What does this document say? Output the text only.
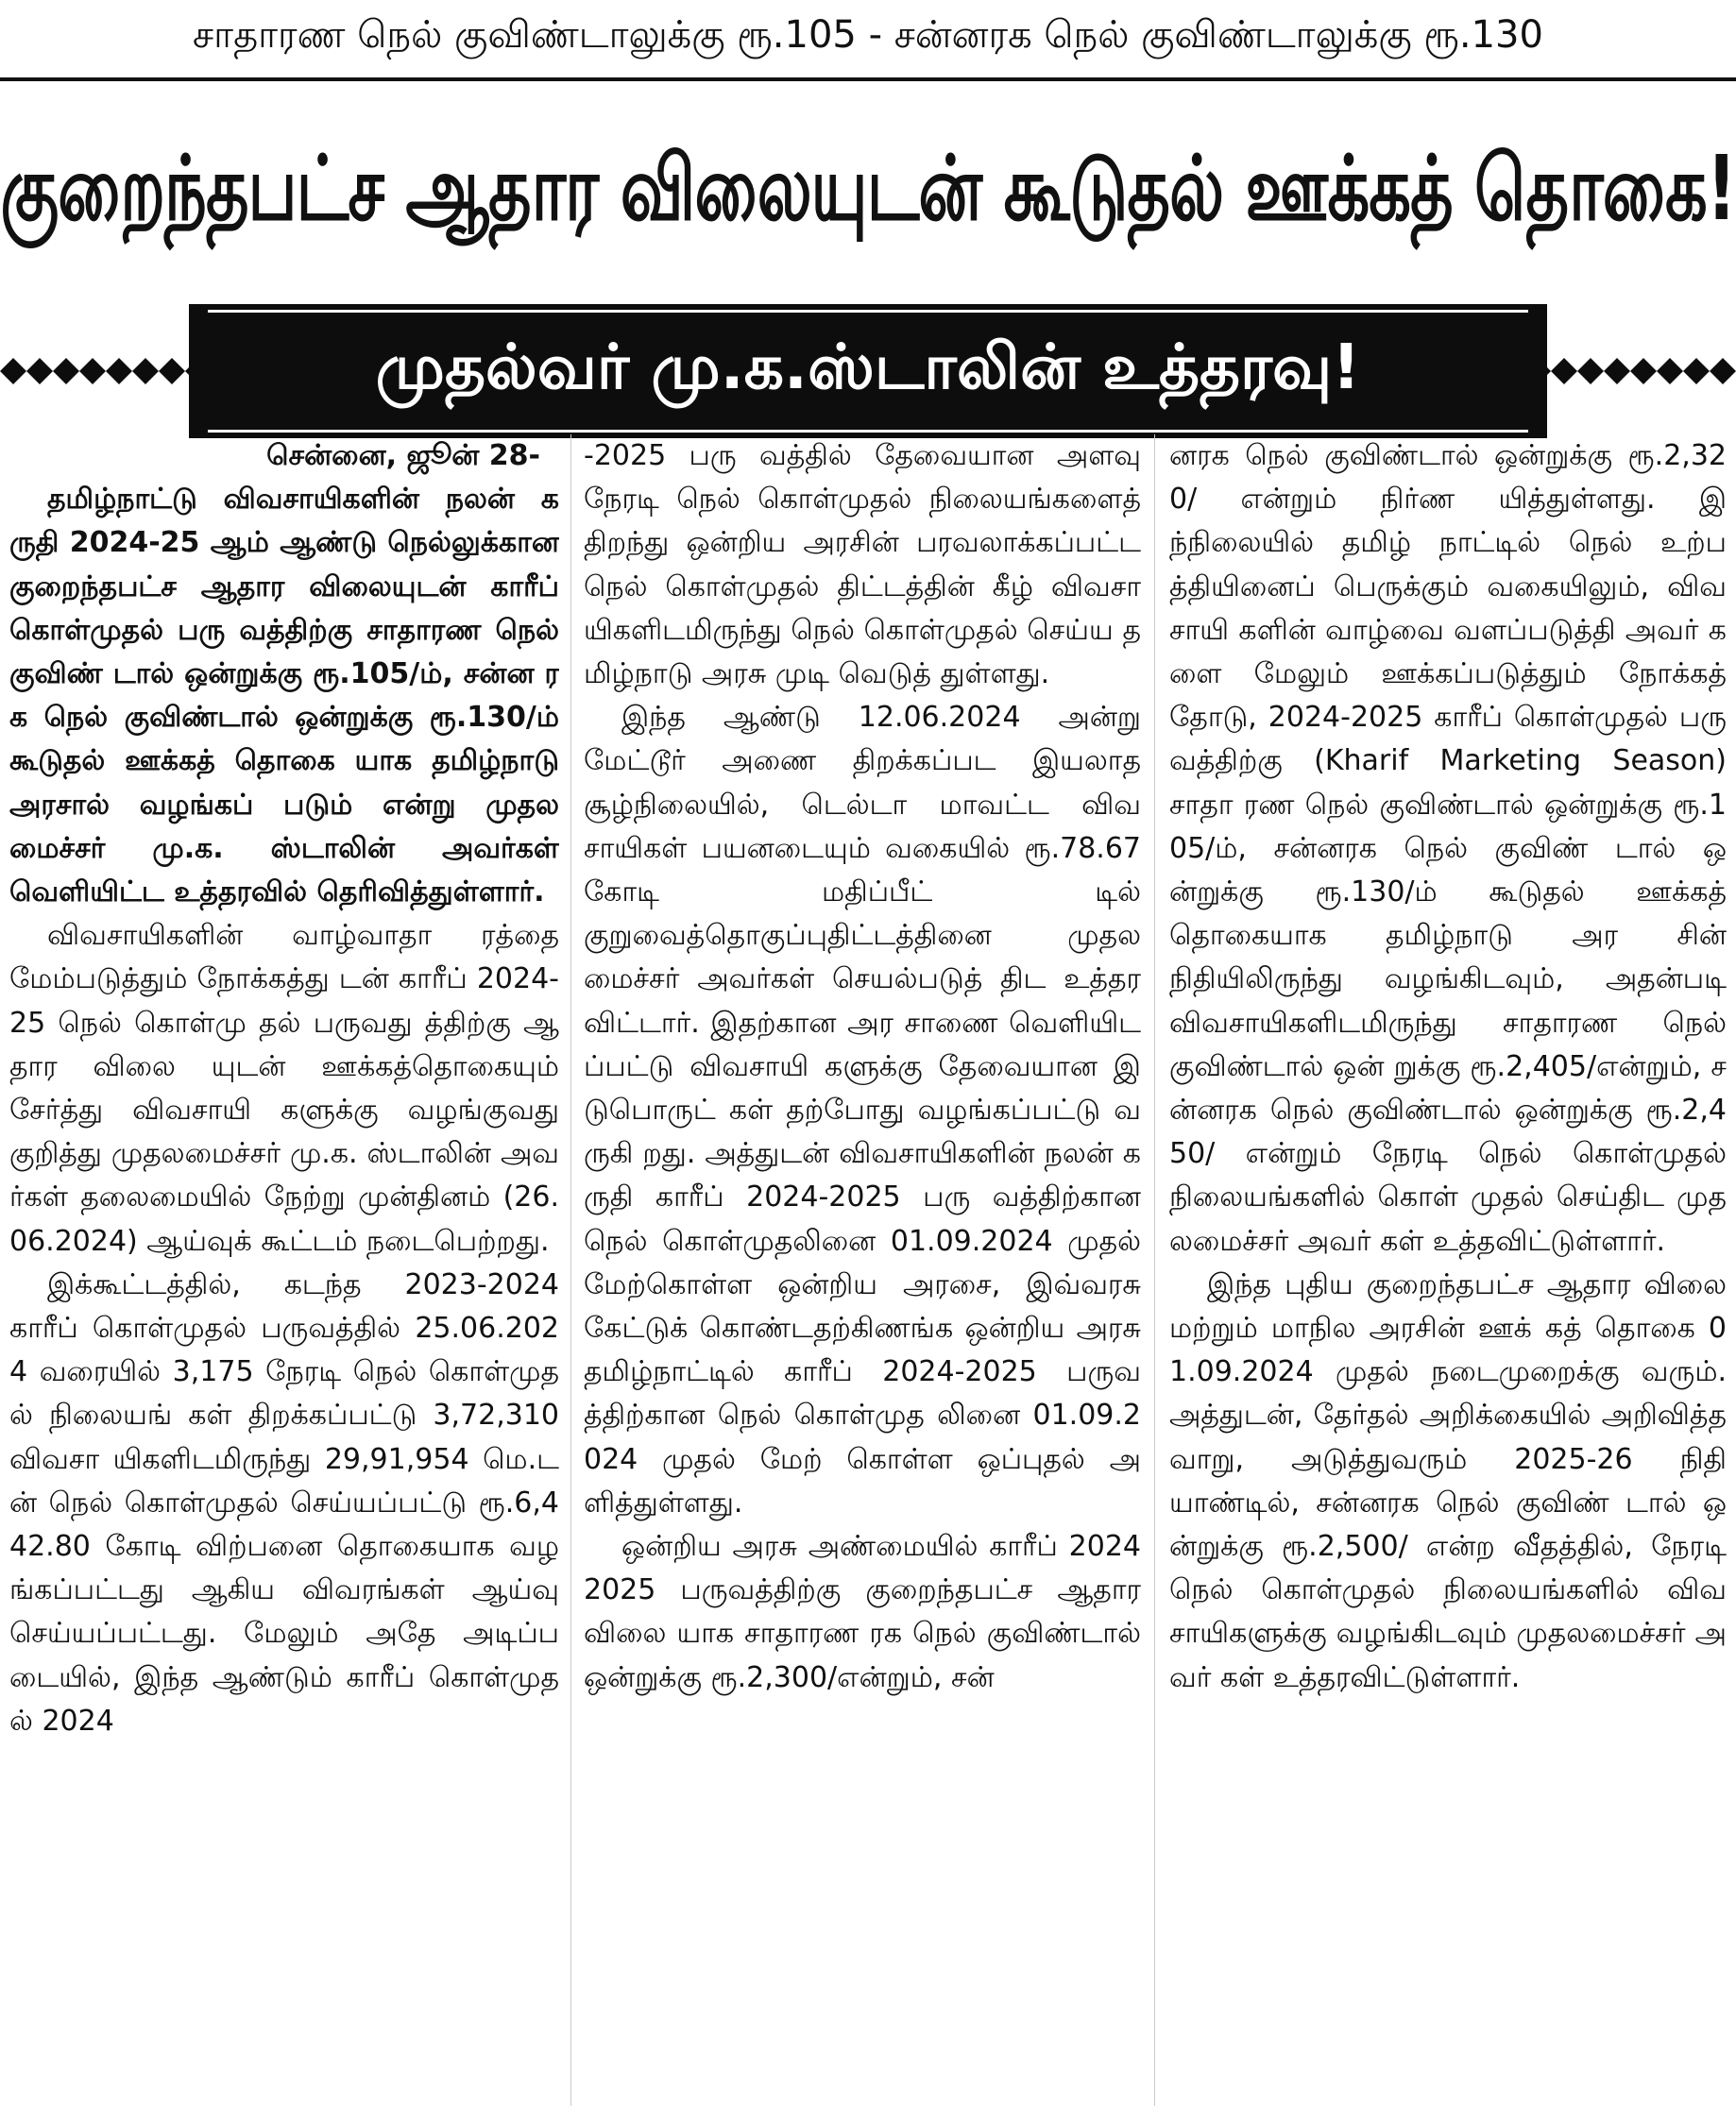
சாதாரண நெல் குவிண்டாலுக்கு ரூ.105 - சன்னரக நெல் குவிண்டாலுக்கு ரூ.130
குறைந்தபட்ச ஆதார விலையுடன் கூடுதல் ஊக்கத் தொகை!
முதல்வர் மு.க.ஸ்டாலின் உத்தரவு!
சென்னை, ஜூன் 28-

தமிழ்நாட்டு விவசாயிகளின் நலன் கருதி 2024-25 ஆம் ஆண்டு நெல்லுக்கான குறைந்தபட்ச ஆதார விலையுடன் காரீப் கொள்முதல் பரு வத்திற்கு சாதாரண நெல் குவிண் டால் ஒன்றுக்கு ரூ.105/ம், சன்ன ரக நெல் குவிண்டால் ஒன்றுக்கு ரூ.130/ம் கூடுதல் ஊக்கத் தொகை யாக தமிழ்நாடு அரசால் வழங்கப் படும் என்று முதலமைச்சர் மு.க. ஸ்டாலின் அவர்கள் வெளியிட்ட உத்தரவில் தெரிவித்துள்ளார்.

விவசாயிகளின் வாழ்வாதா ரத்தை மேம்படுத்தும் நோக்கத்து டன் காரீப் 2024-25 நெல் கொள்மு தல் பருவது த்திற்கு ஆதார விலை யுடன் ஊக்கத்தொகையும் சேர்த்து விவசாயி களுக்கு வழங்குவது குறித்து முதலமைச்சர் மு.க. ஸ்டாலின் அவர்கள் தலைமையில் நேற்று முன்தினம் (26.06.2024) ஆய்வுக் கூட்டம் நடைபெற்றது.

இக்கூட்டத்தில், கடந்த 2023-2024 காரீப் கொள்முதல் பருவத்தில் 25.06.2024 வரையில் 3,175 நேரடி நெல் கொள்முதல் நிலையங் கள் திறக்கப்பட்டு 3,72,310 விவசா யிகளிடமிருந்து 29,91,954 மெ.டன் நெல் கொள்முதல் செய்யப்பட்டு ரூ.6,442.80 கோடி விற்பனை தொகையாக வழங்கப்பட்டது ஆகிய விவரங்கள் ஆய்வு செய்யப்பட்டது. மேலும் அதே அடிப்படையில், இந்த ஆண்டும் காரீப் கொள்முதல் 2024

-2025 பரு வத்தில் தேவையான அளவு நேரடி நெல் கொள்முதல் நிலையங்களைத் திறந்து ஒன்றிய அரசின் பரவலாக்கப்பட்ட நெல் கொள்முதல் திட்டத்தின் கீழ் விவசா யிகளிடமிருந்து நெல் கொள்முதல் செய்ய தமிழ்நாடு அரசு முடி வெடுத் துள்ளது.

இந்த ஆண்டு 12.06.2024 அன்று மேட்டூர் அணை திறக்கப்பட இயலாத சூழ்நிலையில், டெல்டா மாவட்ட விவசாயிகள் பயனடையும் வகையில் ரூ.78.67 கோடி மதிப்பீட் டில் குறுவைத்தொகுப்புதிட்டத்தினை முதலமைச்சர் அவர்கள் செயல்படுத் திட உத்தரவிட்டார். இதற்கான அர சாணை வெளியிடப்பட்டு விவசாயி களுக்கு தேவையான இடுபொருட் கள் தற்போது வழங்கப்பட்டு வருகி றது. அத்துடன் விவசாயிகளின் நலன் கருதி காரீப் 2024-2025 பரு வத்திற்கான நெல் கொள்முதலினை 01.09.2024 முதல் மேற்கொள்ள ஒன்றிய அரசை, இவ்வரசு கேட்டுக் கொண்டதற்கிணங்க ஒன்றிய அரசு தமிழ்நாட்டில் காரீப் 2024-2025 பருவத்திற்கான நெல் கொள்முத லினை 01.09.2024 முதல் மேற் கொள்ள ஒப்புதல் அளித்துள்ளது.

ஒன்றிய அரசு அண்மையில் காரீப் 20242025 பருவத்திற்கு குறைந்தபட்ச ஆதாரவிலை யாக சாதாரண ரக நெல் குவிண்டால் ஒன்றுக்கு ரூ.2,300/என்றும், சன்

னரக நெல் குவிண்டால் ஒன்றுக்கு ரூ.2,320/ என்றும் நிர்ண யித்துள்ளது. இந்நிலையில் தமிழ் நாட்டில் நெல் உற்பத்தியினைப் பெருக்கும் வகையிலும், விவசாயி களின் வாழ்வை வளப்படுத்தி அவர் களை மேலும் ஊக்கப்படுத்தும் நோக்கத் தோடு, 2024-2025 காரீப் கொள்முதல் பரு வத்திற்கு (Kharif Marketing Season) சாதா ரண நெல் குவிண்டால் ஒன்றுக்கு ரூ.105/ம், சன்னரக நெல் குவிண் டால் ஒன்றுக்கு ரூ.130/ம் கூடுதல் ஊக்கத் தொகையாக தமிழ்நாடு அர சின் நிதியிலிருந்து வழங்கிடவும், அதன்படி விவசாயிகளிடமிருந்து சாதாரண நெல் குவிண்டால் ஒன் றுக்கு ரூ.2,405/என்றும், சன்னரக நெல் குவிண்டால் ஒன்றுக்கு ரூ.2,450/ என்றும் நேரடி நெல் கொள்முதல் நிலையங்களில் கொள் முதல் செய்திட முதலமைச்சர் அவர் கள் உத்தவிட்டுள்ளார்.

இந்த புதிய குறைந்தபட்ச ஆதார விலை மற்றும் மாநில அரசின் ஊக் கத் தொகை 01.09.2024 முதல் நடைமுறைக்கு வரும். அத்துடன், தேர்தல் அறிக்கையில் அறிவித்த வாறு, அடுத்துவரும் 2025-26 நிதி யாண்டில், சன்னரக நெல் குவிண் டால் ஒன்றுக்கு ரூ.2,500/ என்ற வீதத்தில், நேரடி நெல் கொள்முதல் நிலையங்களில் விவசாயிகளுக்கு வழங்கிடவும் முதலமைச்சர் அவர் கள் உத்தரவிட்டுள்ளார்.
